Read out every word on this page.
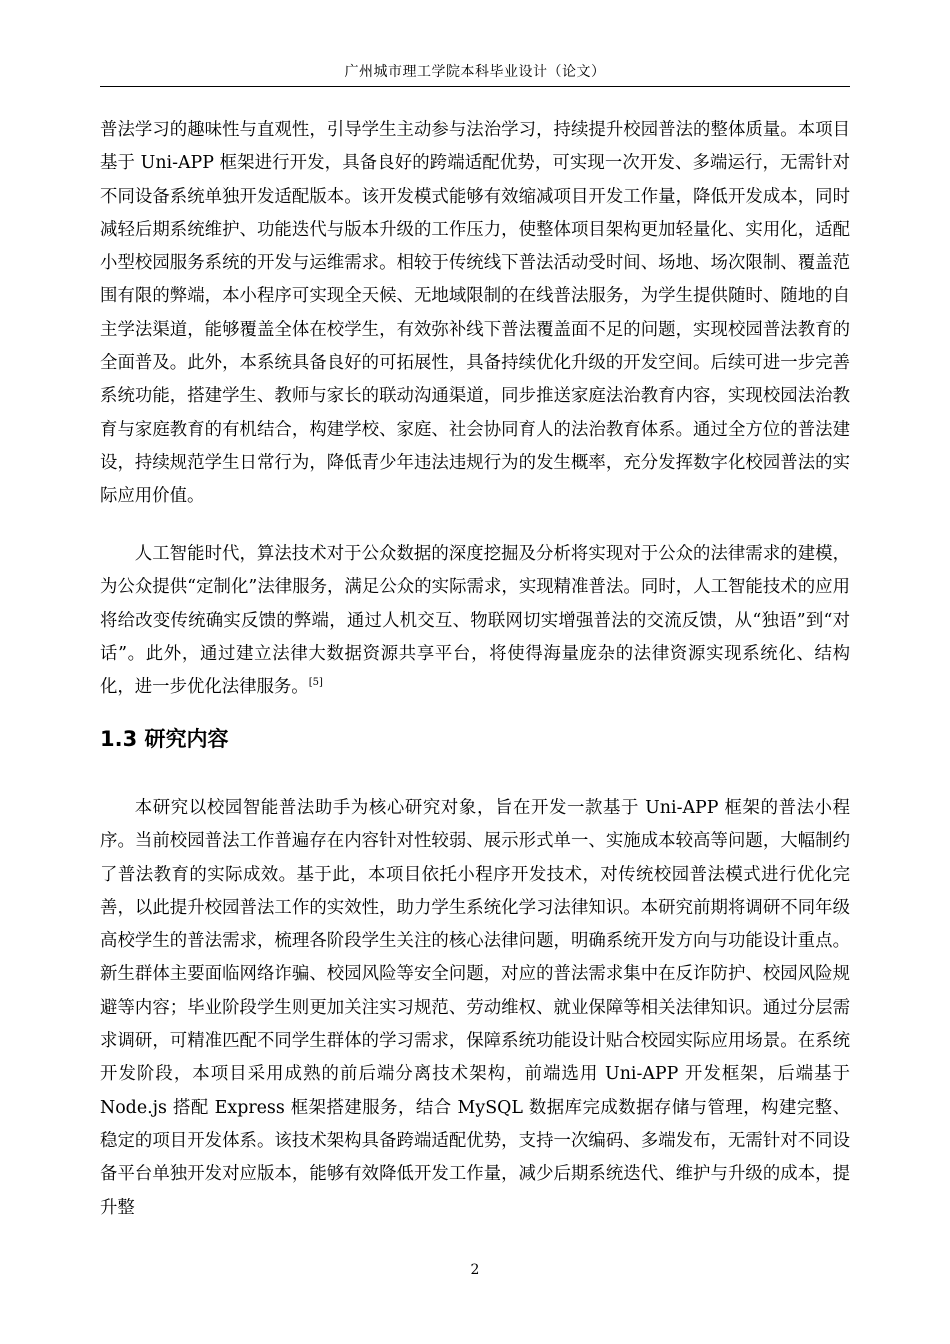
广州城市理工学院本科毕业设计（论文）

普法学习的趣味性与直观性，引导学生主动参与法治学习，持续提升校园普法的整体质量。本项目基于 Uni-APP 框架进行开发，具备良好的跨端适配优势，可实现一次开发、多端运行，无需针对不同设备系统单独开发适配版本。该开发模式能够有效缩减项目开发工作量，降低开发成本，同时减轻后期系统维护、功能迭代与版本升级的工作压力，使整体项目架构更加轻量化、实用化，适配小型校园服务系统的开发与运维需求。相较于传统线下普法活动受时间、场地、场次限制、覆盖范围有限的弊端，本小程序可实现全天候、无地域限制的在线普法服务，为学生提供随时、随地的自主学法渠道，能够覆盖全体在校学生，有效弥补线下普法覆盖面不足的问题，实现校园普法教育的全面普及。此外，本系统具备良好的可拓展性，具备持续优化升级的开发空间。后续可进一步完善系统功能，搭建学生、教师与家长的联动沟通渠道，同步推送家庭法治教育内容，实现校园法治教育与家庭教育的有机结合，构建学校、家庭、社会协同育人的法治教育体系。通过全方位的普法建设，持续规范学生日常行为，降低青少年违法违规行为的发生概率，充分发挥数字化校园普法的实际应用价值。

人工智能时代，算法技术对于公众数据的深度挖掘及分析将实现对于公众的法律需求的建模，为公众提供“定制化”法律服务，满足公众的实际需求，实现精准普法。同时，人工智能技术的应用将给改变传统确实反馈的弊端，通过人机交互、物联网切实增强普法的交流反馈，从“独语”到“对话”。此外，通过建立法律大数据资源共享平台，将使得海量庞杂的法律资源实现系统化、结构化，进一步优化法律服务。[5]

1.3 研究内容

本研究以校园智能普法助手为核心研究对象，旨在开发一款基于 Uni-APP 框架的普法小程序。当前校园普法工作普遍存在内容针对性较弱、展示形式单一、实施成本较高等问题，大幅制约了普法教育的实际成效。基于此，本项目依托小程序开发技术，对传统校园普法模式进行优化完善，以此提升校园普法工作的实效性，助力学生系统化学习法律知识。本研究前期将调研不同年级高校学生的普法需求，梳理各阶段学生关注的核心法律问题，明确系统开发方向与功能设计重点。新生群体主要面临网络诈骗、校园风险等安全问题，对应的普法需求集中在反诈防护、校园风险规避等内容；毕业阶段学生则更加关注实习规范、劳动维权、就业保障等相关法律知识。通过分层需求调研，可精准匹配不同学生群体的学习需求，保障系统功能设计贴合校园实际应用场景。在系统开发阶段，本项目采用成熟的前后端分离技术架构，前端选用 Uni-APP 开发框架，后端基于 Node.js 搭配 Express 框架搭建服务，结合 MySQL 数据库完成数据存储与管理，构建完整、稳定的项目开发体系。该技术架构具备跨端适配优势，支持一次编码、多端发布，无需针对不同设备平台单独开发对应版本，能够有效降低开发工作量，减少后期系统迭代、维护与升级的成本，提升整

2
